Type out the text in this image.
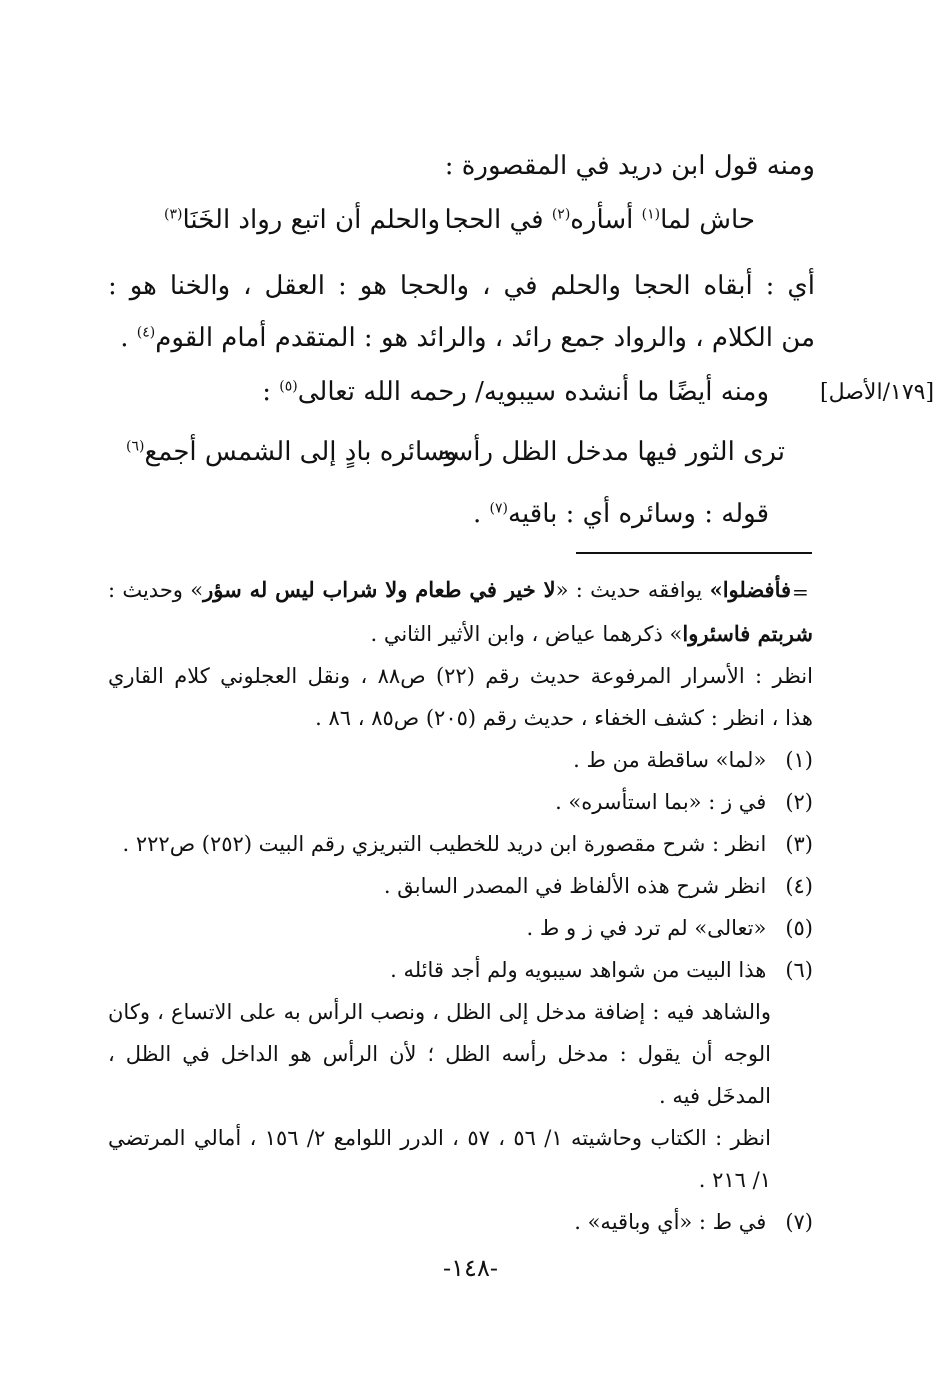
ومنه قول ابن دريد في المقصورة :
حاش لما$^{(١)}$ أسأره$^{(٢)}$ في الحجا
والحلم أن اتبع رواد الخَنَا$^{(٣)}$
أي : أبقاه الحجا والحلم في ، والحجا هو : العقل ، والخنا هو :
من الكلام ، والرواد جمع رائد ، والرائد هو : المتقدم أمام القوم$^{(٤)}$ .
ومنه أيضًا ما أنشده سيبويه/ رحمه الله تعالى$^{(٥)}$ :	[١٧٩/الأصل]
ترى الثور فيها مدخل الظل رأسه
وسائره بادٍ إلى الشمس أجمع$^{(٦)}$
قوله : وسائره أي : باقيه$^{(٧)}$ .
=
فأفضلوا» يوافقه حديث : «لا خير في طعام ولا شراب ليس له سؤر» وحديث :
شربتم فاسئروا» ذكرهما عياض ، وابن الأثير الثاني .
انظر : الأسرار المرفوعة حديث رقم (٢٢) ص٨٨ ، ونقل العجلوني كلام القاري
هذا ، انظر : كشف الخفاء ، حديث رقم (٢٠٥) ص٨٥ ، ٨٦ .
(١) «لما» ساقطة من ط .
(٢) في ز : «بما استأسره» .
(٣) انظر : شرح مقصورة ابن دريد للخطيب التبريزي رقم البيت (٢٥٢) ص٢٢٢ .
(٤) انظر شرح هذه الألفاظ في المصدر السابق .
(٥) «تعالى» لم ترد في ز و ط .
(٦) هذا البيت من شواهد سيبويه ولم أجد قائله .
والشاهد فيه : إضافة مدخل إلى الظل ، ونصب الرأس به على الاتساع ، وكان
الوجه أن يقول : مدخل رأسه الظل ؛ لأن الرأس هو الداخل في الظل ،
المدخَل فيه .
انظر : الكتاب وحاشيته ١/ ٥٦ ، ٥٧ ، الدرر اللوامع ٢/ ١٥٦ ، أمالي المرتضي
١/ ٢١٦ .
(٧) في ط : «أي وباقيه» .
-١٤٨-
